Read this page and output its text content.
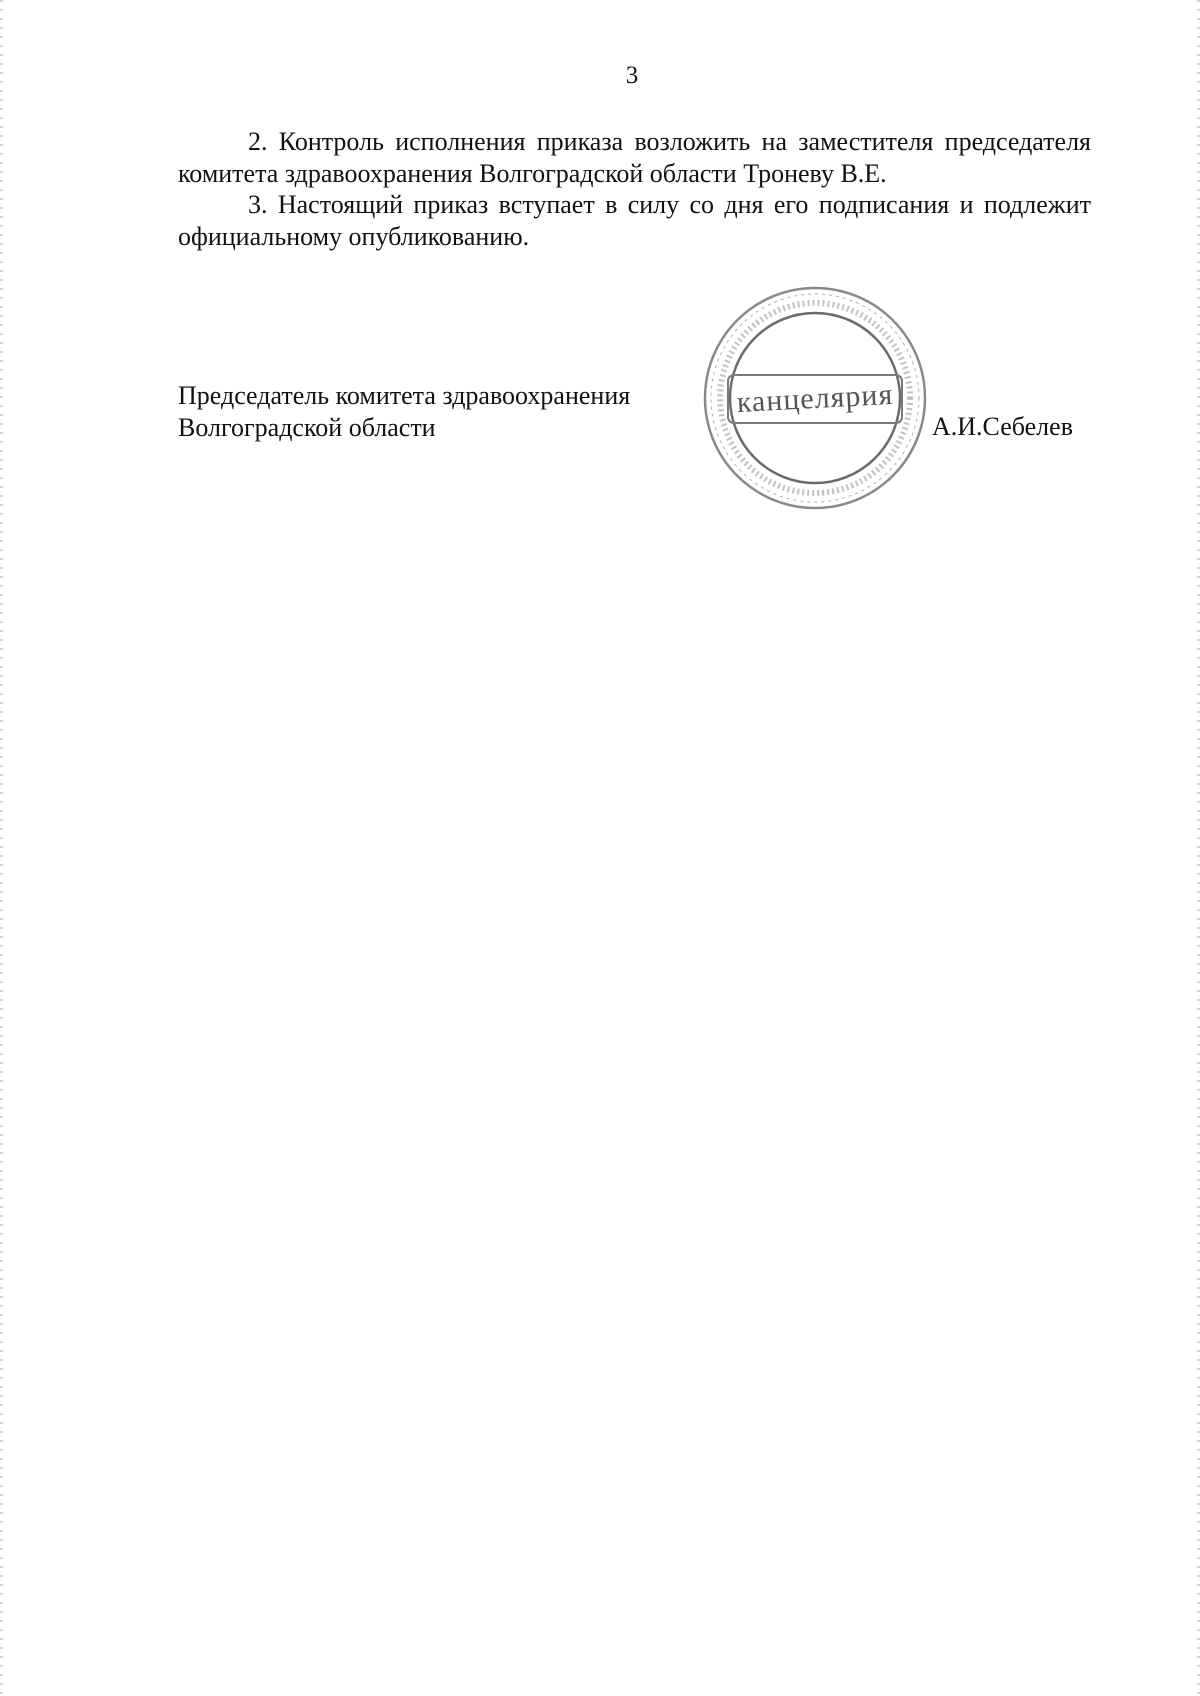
3

2. Контроль исполнения приказа возложить на заместителя председателя комитета здравоохранения Волгоградской области Троневу В.Е.

3. Настоящий приказ вступает в силу со дня его подписания и подлежит официальному опубликованию.

Председатель комитета здравоохранения
Волгоградской области
канцелярия
А.И.Себелев
